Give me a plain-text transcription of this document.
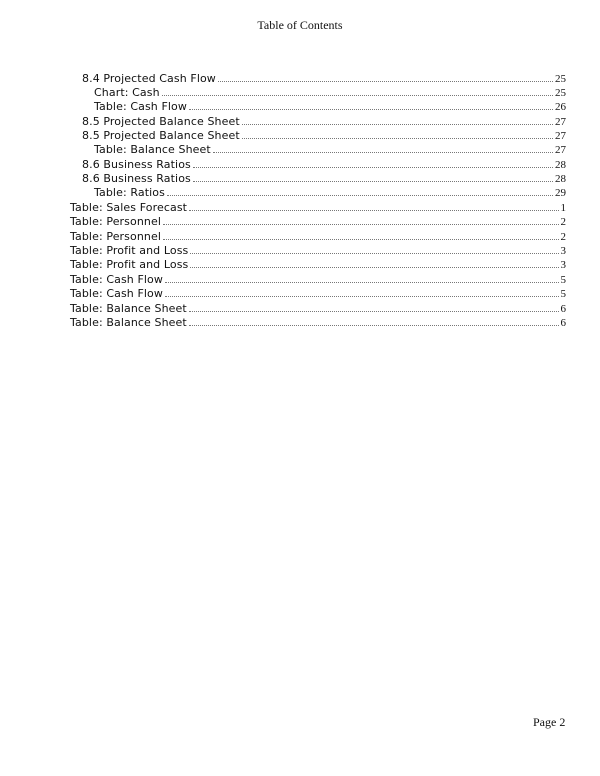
Table of Contents
8.4 Projected Cash Flow	25
Chart: Cash	25
Table: Cash Flow	26
8.5 Projected Balance Sheet	27
8.5 Projected Balance Sheet	27
Table: Balance Sheet	27
8.6 Business Ratios	28
8.6 Business Ratios	28
Table: Ratios	29
Table: Sales Forecast	1
Table: Personnel	2
Table: Personnel	2
Table: Profit and Loss	3
Table: Profit and Loss	3
Table: Cash Flow	5
Table: Cash Flow	5
Table: Balance Sheet	6
Table: Balance Sheet	6
Page 2
